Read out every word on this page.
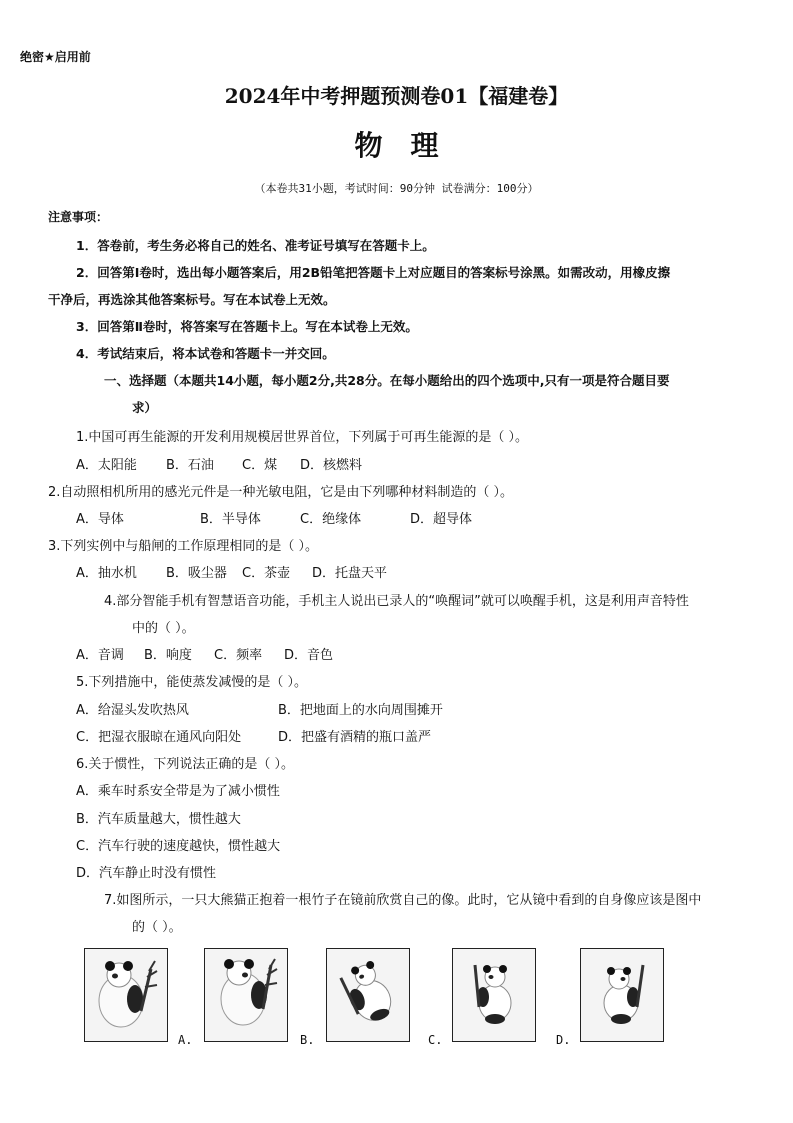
绝密★启用前
2024年中考押题预测卷01【福建卷】
物理
（本卷共31小题，考试时间：90分钟 试卷满分：100分）
注意事项：
1．答卷前，考生务必将自己的姓名、准考证号填写在答题卡上。
2．回答第Ⅰ卷时，选出每小题答案后，用2B铅笔把答题卡上对应题目的答案标号涂黑。如需改动，用橡皮擦
干净后，再选涂其他答案标号。写在本试卷上无效。
3．回答第Ⅱ卷时，将答案写在答题卡上。写在本试卷上无效。
4．考试结束后，将本试卷和答题卡一并交回。
一、选择题（本题共14小题，每小题2分,共28分。在每小题给出的四个选项中,只有一项是符合题目要
求）
1.中国可再生能源的开发利用规模居世界首位，下列属于可再生能源的是（ ）。
A．太阳能 B．石油 C．煤 D．核燃料
2.自动照相机所用的感光元件是一种光敏电阻，它是由下列哪种材料制造的（ ）。
A．导体	B．半导体	C．绝缘体	D．超导体
3.下列实例中与船闸的工作原理相同的是（ ）。
A．抽水机 B．吸尘器 C．茶壶 D．托盘天平
4.部分智能手机有智慧语音功能，手机主人说出已录人的“唤醒词”就可以唤醒手机，这是利用声音特性
中的（ ）。
A．音调 B．响度 C．频率 D．音色
5.下列措施中，能使蒸发减慢的是（ ）。
A．给湿头发吹热风	B．把地面上的水向周围摊开
C．把湿衣服晾在通风向阳处	D．把盛有酒精的瓶口盖严
6.关于惯性，下列说法正确的是（ ）。
A．乘车时系安全带是为了减小惯性
B．汽车质量越大，惯性越大
C．汽车行驶的速度越快，惯性越大
D．汽车静止时没有惯性
7.如图所示，一只大熊猫正抱着一根竹子在镜前欣赏自己的像。此时，它从镜中看到的自身像应该是图中
的（ ）。
A.	B.	C.	D.
